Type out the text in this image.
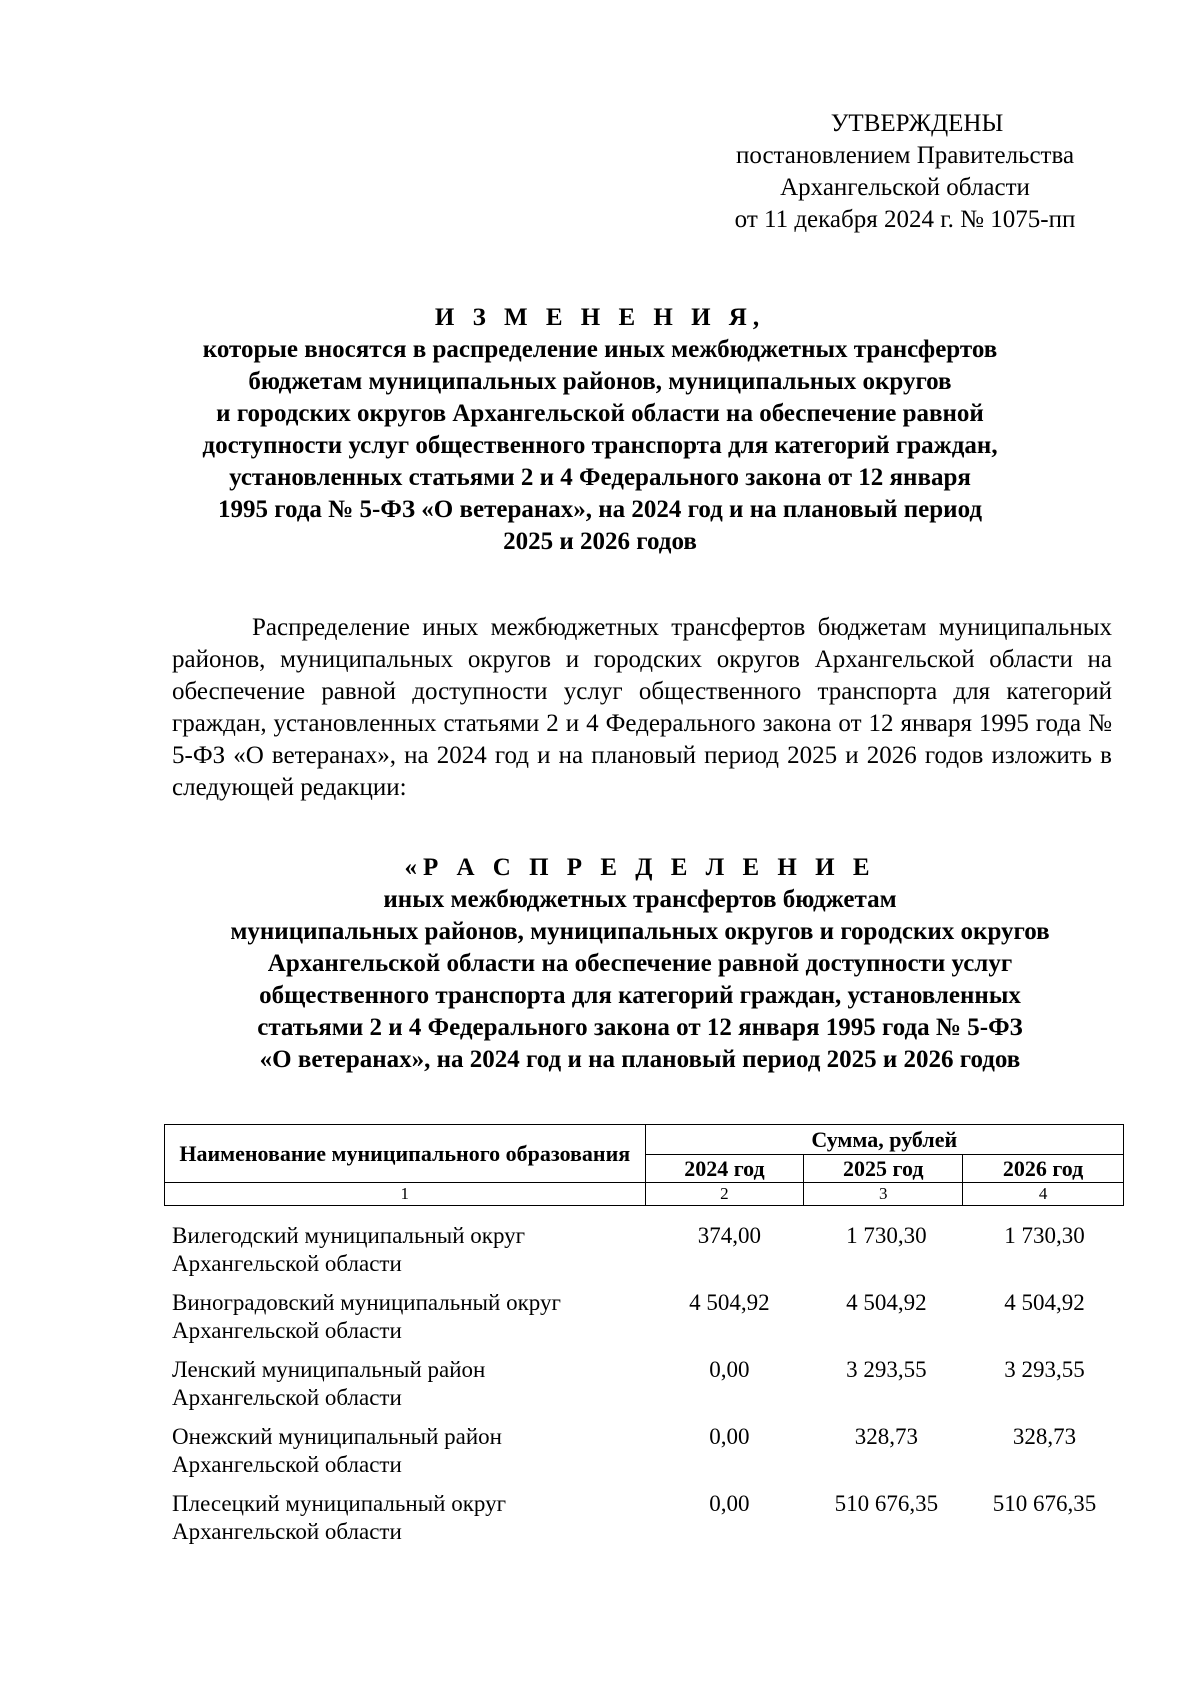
УТВЕРЖДЕНЫ
постановлением Правительства
Архангельской области
от 11 декабря 2024 г. № 1075-пп
И З М Е Н Е Н И Я,
которые вносятся в распределение иных межбюджетных трансфертов
бюджетам муниципальных районов, муниципальных округов
и городских округов Архангельской области на обеспечение равной
доступности услуг общественного транспорта для категорий граждан,
установленных статьями 2 и 4 Федерального закона от 12 января
1995 года № 5-ФЗ «О ветеранах», на 2024 год и на плановый период
2025 и 2026 годов
Распределение иных межбюджетных трансфертов бюджетам муниципальных районов, муниципальных округов и городских округов Архангельской области на обеспечение равной доступности услуг общественного транспорта для категорий граждан, установленных статьями 2 и 4 Федерального закона от 12 января 1995 года № 5-ФЗ «О ветеранах», на 2024 год и на плановый период 2025 и 2026 годов изложить в следующей редакции:
«Р А С П Р Е Д Е Л Е Н И Е
иных межбюджетных трансфертов бюджетам
муниципальных районов, муниципальных округов и городских округов
Архангельской области на обеспечение равной доступности услуг
общественного транспорта для категорий граждан, установленных
статьями 2 и 4 Федерального закона от 12 января 1995 года № 5-ФЗ
«О ветеранах», на 2024 год и на плановый период 2025 и 2026 годов
Наименование муниципального образования	Сумма, рублей		
	2024 год	2025 год	2026 год
1	2	3	4
Вилегодский муниципальный округ
Архангельской области	374,00	1 730,30	1 730,30

Виноградовский муниципальный округ
Архангельской области	4 504,92	4 504,92	4 504,92

Ленский муниципальный район
Архангельской области	0,00	3 293,55	3 293,55

Онежский муниципальный район
Архангельской области	0,00	328,73	328,73

Плесецкий муниципальный округ
Архангельской области	0,00	510 676,35	510 676,35
